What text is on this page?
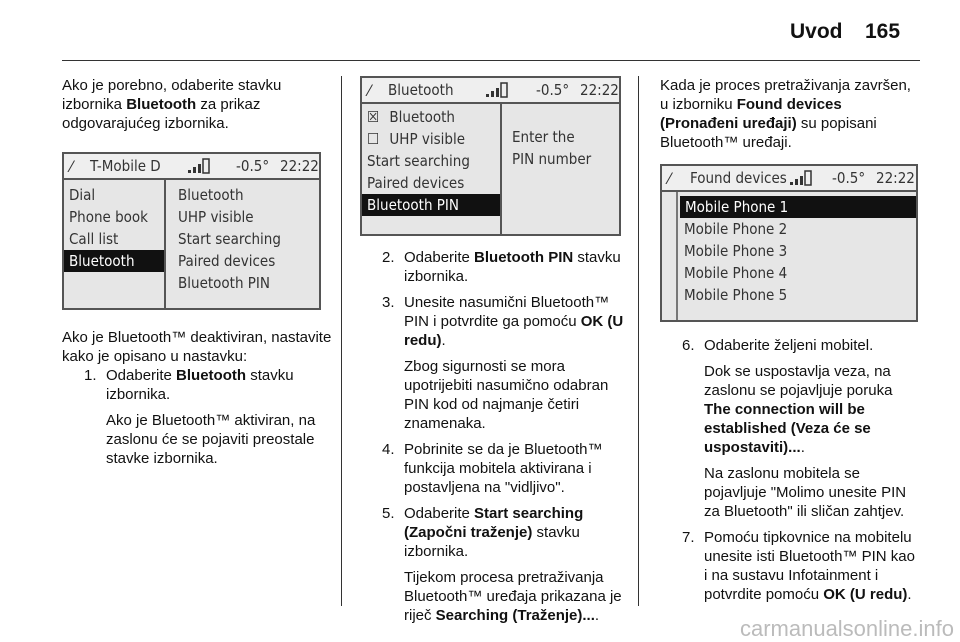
Uvod 165

Ako je porebno, odaberite stavku izbornika Bluetooth za prikaz odgovarajućeg izbornika.

⁄ T-Mobile D	-0.5° 22:22
Dial
Phone book
Call list
Bluetooth
Bluetooth
UHP visible
Start searching
Paired devices
Bluetooth PIN

Ako je Bluetooth™ deaktiviran, nastavite kako je opisano u nastavku:

1. Odaberite Bluetooth stavku izbornika.

Ako je Bluetooth™ aktiviran, na zaslonu će se pojaviti preostale stavke izbornika.

⁄ Bluetooth	-0.5° 22:22
☒ Bluetooth
☐ UHP visible
Start searching
Paired devices
Bluetooth PIN
Enter the
PIN number
2. Odaberite Bluetooth PIN stavku izbornika.

3. Unesite nasumični Bluetooth™ PIN i potvrdite ga pomoću OK (U redu).

Zbog sigurnosti se mora upotrijebiti nasumično odabran PIN kod od najmanje četiri znamenaka.

4. Pobrinite se da je Bluetooth™ funkcija mobitela aktivirana i postavljena na "vidljivo".

5. Odaberite Start searching (Započni traženje) stavku izbornika.

Tijekom procesa pretraživanja Bluetooth™ uređaja prikazana je riječ Searching (Traženje)....

Kada je proces pretraživanja završen, u izborniku Found devices (Pronađeni uređaji) su popisani Bluetooth™ uređaji.

⁄ Found devices	-0.5° 22:22
Mobile Phone 1
Mobile Phone 2
Mobile Phone 3
Mobile Phone 4
Mobile Phone 5
6. Odaberite željeni mobitel.

Dok se uspostavlja veza, na zaslonu se pojavljuje poruka The connection will be established (Veza će se uspostaviti)....

Na zaslonu mobitela se pojavljuje "Molimo unesite PIN za Bluetooth" ili sličan zahtjev.

7. Pomoću tipkovnice na mobitelu unesite isti Bluetooth™ PIN kao i na sustavu Infotainment i potvrdite pomoću OK (U redu).

carmanualsonline.info
